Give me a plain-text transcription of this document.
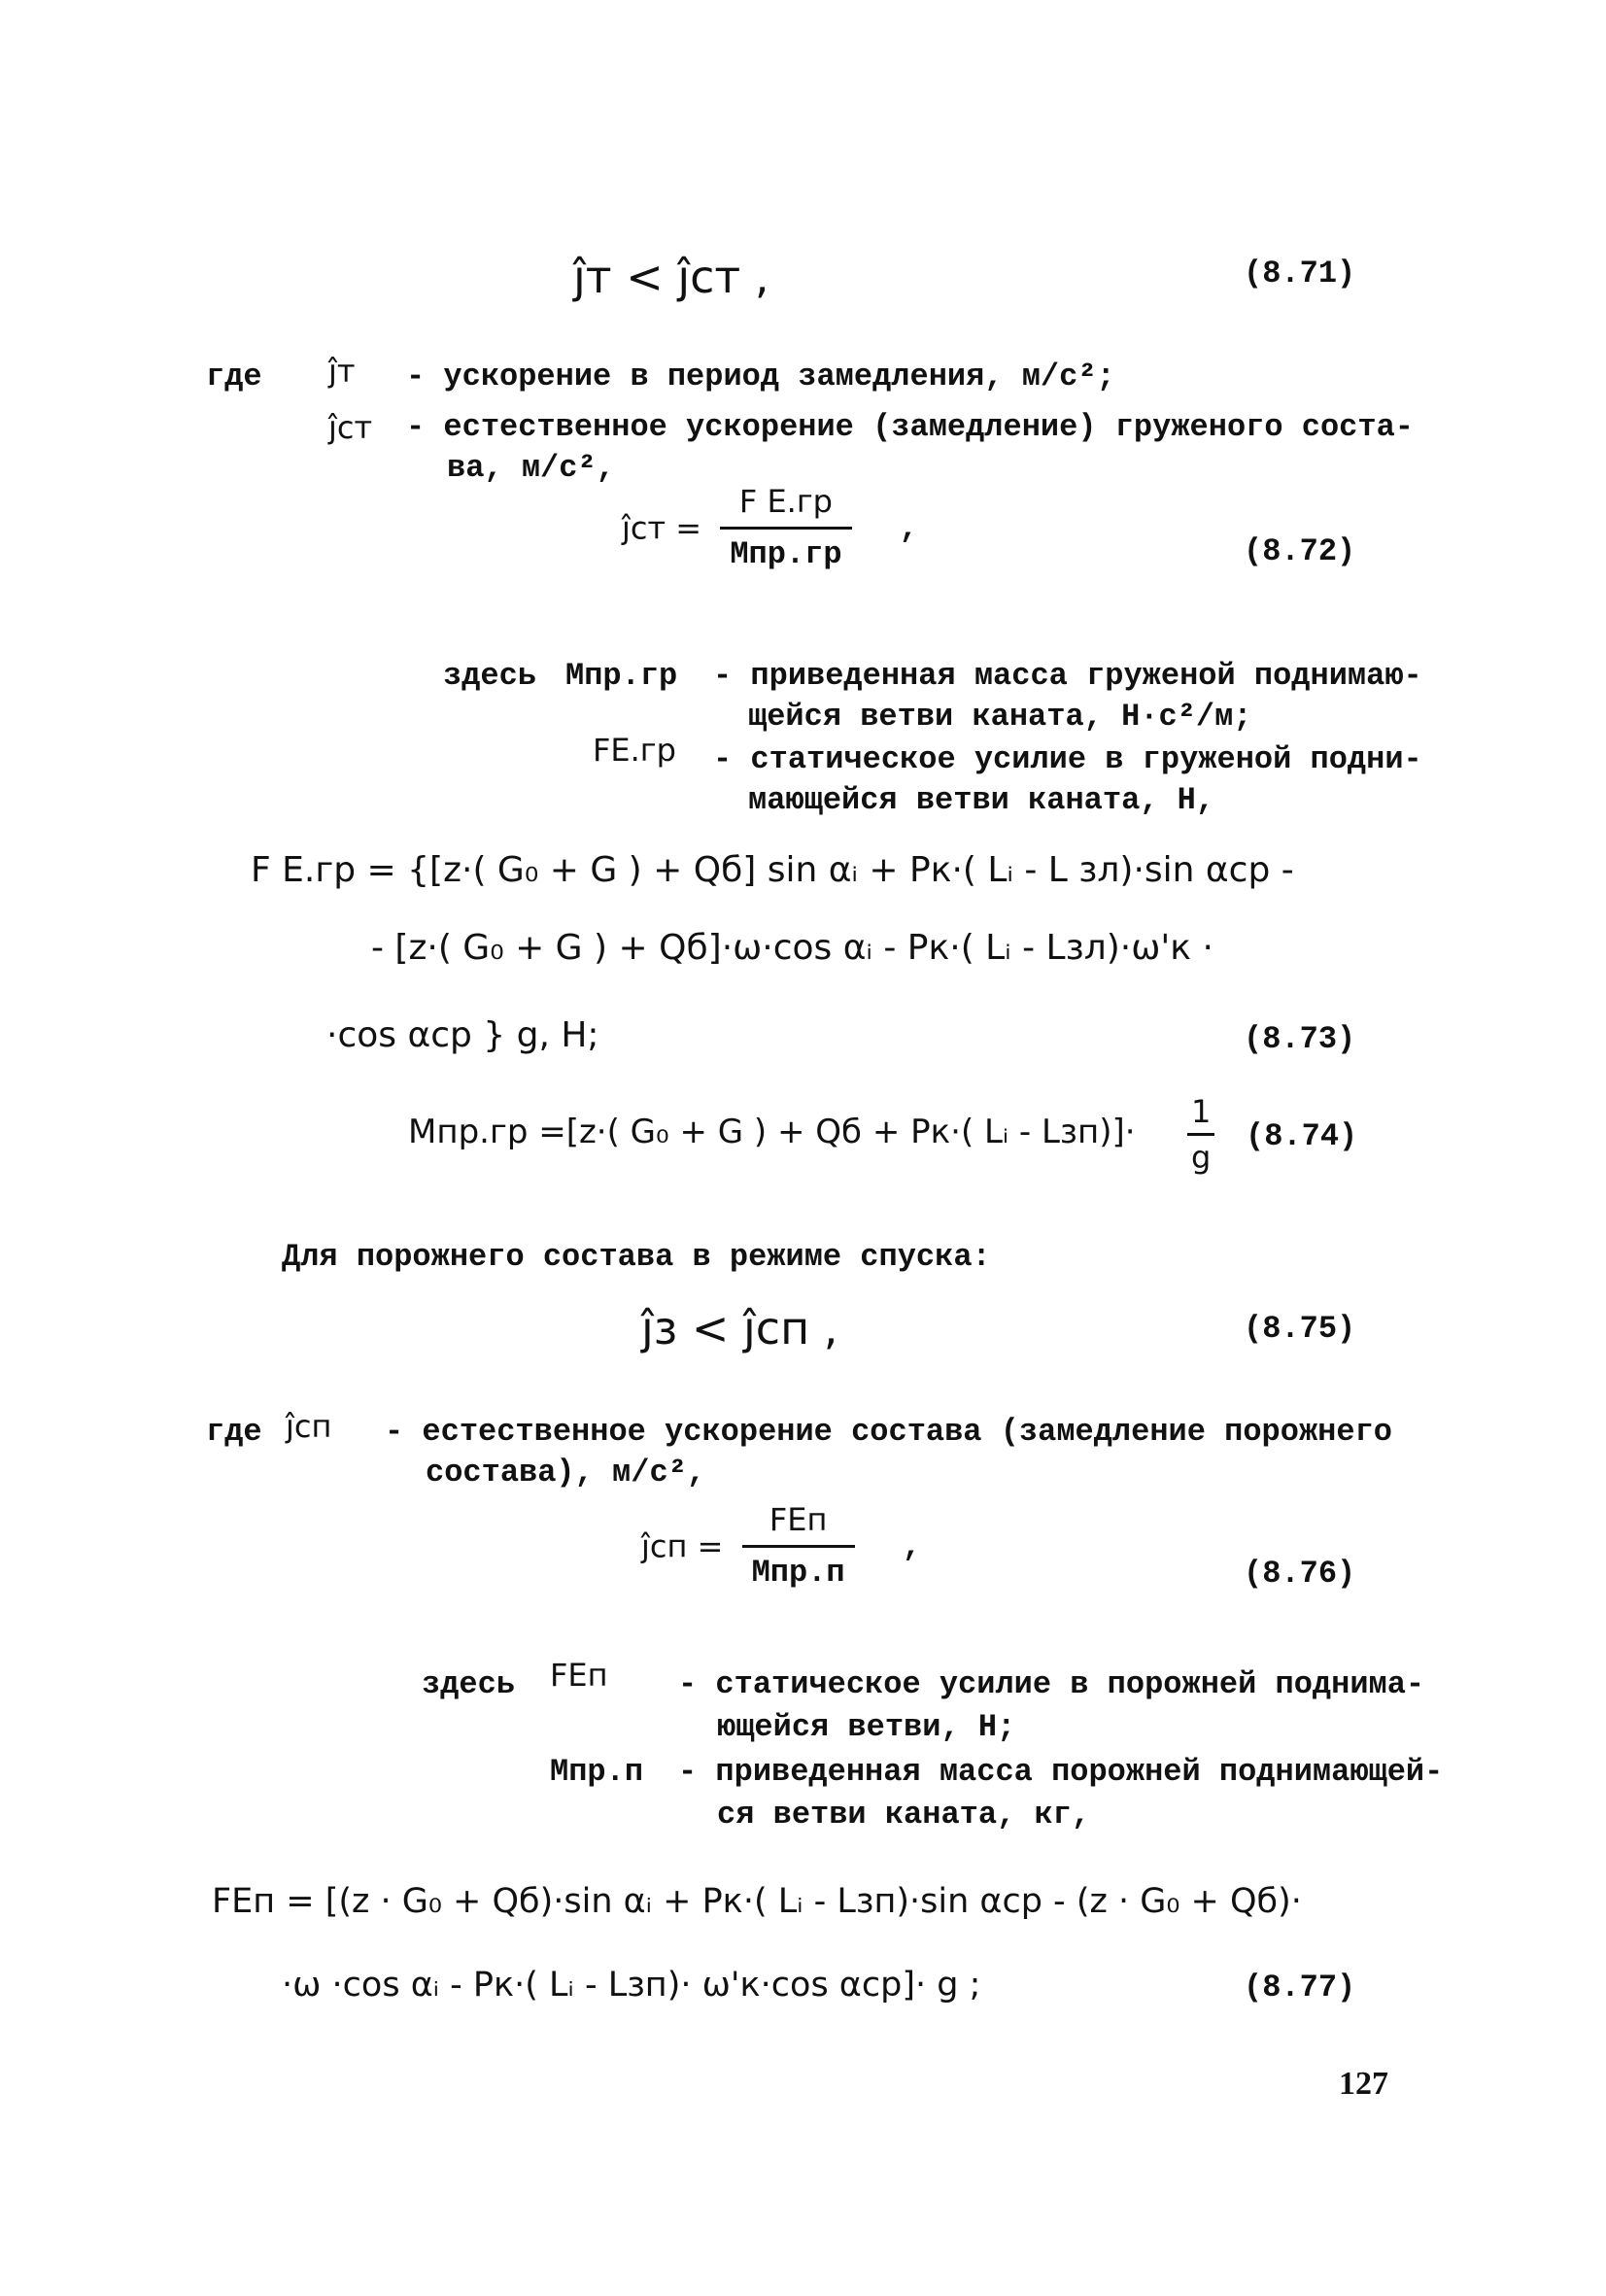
ĵт < ĵст ,	(8.71)
где ĵт - ускорение в период замедления, м/с²;
ĵст - естественное ускорение (замедление) груженого соста-
ва, м/с²,
ĵст = $\frac{\text{F Е.гр}}{\text{Мпр.гр}}$ ,
(8.72)
здесь Мпр.гр - приведенная масса груженой поднимаю-
щейся ветви каната, Н·с²/м;
FЕ.гр - статическое усилие в груженой подни-
мающейся ветви каната, Н,
F Е.гр = {[z·( G₀ + G ) + Qб] sin αᵢ + Pк·( Lᵢ - L зл)·sin αср -
- [z·( G₀ + G ) + Qб]·ω·cos αᵢ - Pк·( Lᵢ - Lзл)·ω'к ·
·cos αср } g, Н;	(8.73)
Мпр.гр =[z·( G₀ + G ) + Qб + Pк·( Lᵢ - $Lзп)]\cdot \frac{1}{g} (8.74)$
Для порожнего состава в режиме спуска:
ĵз < ĵсп ,	(8.75)
где ĵсп - естественное ускорение состава (замедление порожнего
состава), м/с²,
ĵсп = $\frac{\text{FЕп}}{\text{Мпр.п}}$ ,
(8.76)
здесь FЕп - статическое усилие в порожней поднима-
ющейся ветви, Н;
Мпр.п - приведенная масса порожней поднимающей-
ся ветви каната, кг,
FЕп = [(z · G₀ + Qб)·sin αᵢ + Pк·( Lᵢ - Lзп)·sin αср - (z · G₀ + Qб)·
·ω ·cos αᵢ - Pк·( Lᵢ - Lзп)· ω'к·cos αср]· g ;	(8.77)
127
